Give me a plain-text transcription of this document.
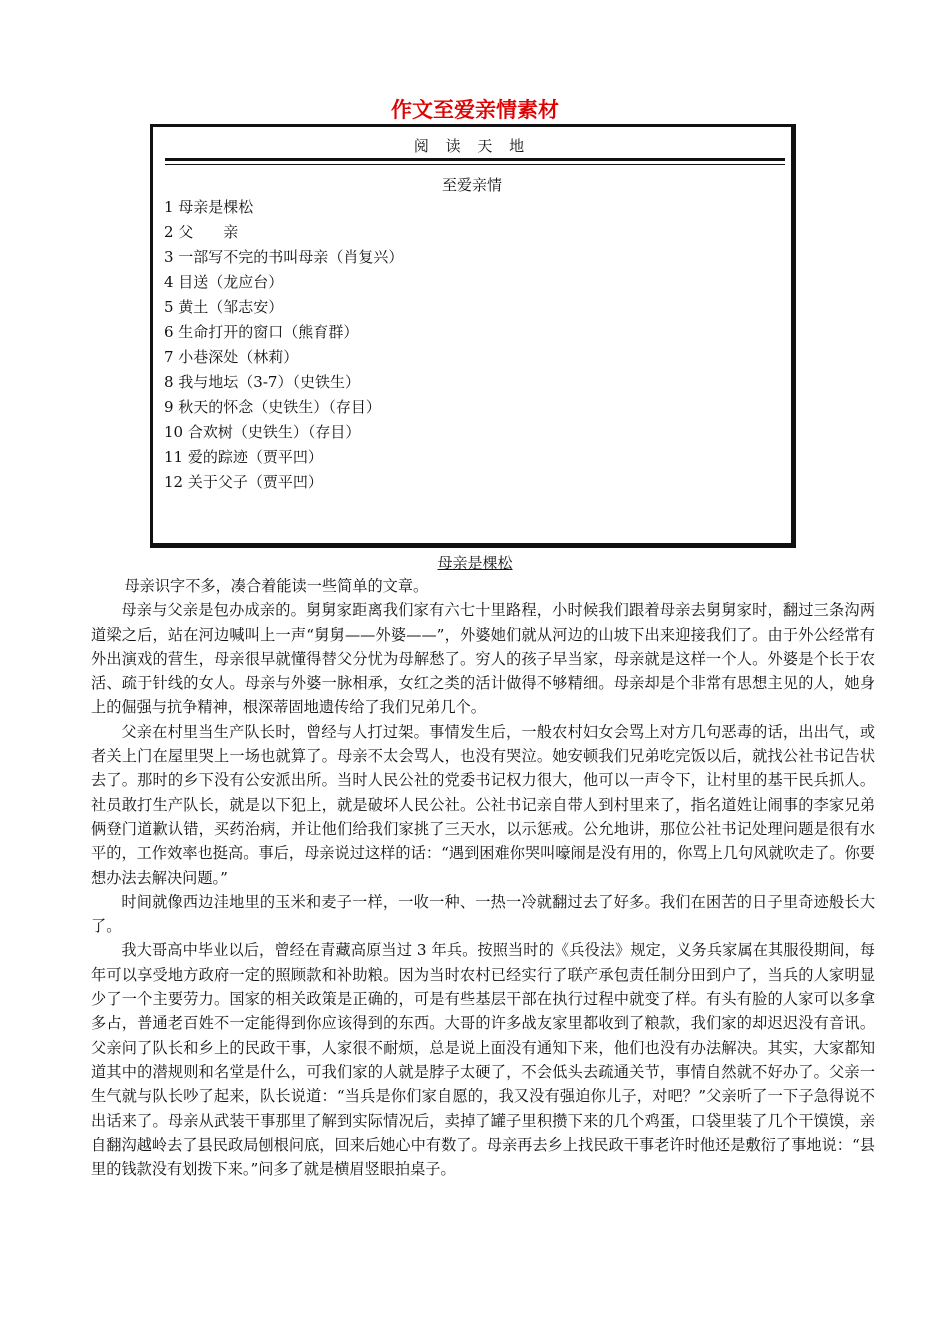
作文至爱亲情素材
阅 读 天 地
至爱亲情
1 母亲是棵松
2 父　　亲
3 一部写不完的书叫母亲（肖复兴）
4 目送（龙应台）
5 黄土（邹志安）
6 生命打开的窗口（熊育群）
7 小巷深处（林莉）
8 我与地坛（3-7）（史铁生）
9 秋天的怀念（史铁生）（存目）
10 合欢树（史铁生）（存目）
11 爱的踪迹（贾平凹）
12 关于父子（贾平凹）
母亲是棵松

母亲识字不多，凑合着能读一些简单的文章。

母亲与父亲是包办成亲的。舅舅家距离我们家有六七十里路程，小时候我们跟着母亲去舅舅家时，翻过三条沟两道梁之后，站在河边喊叫上一声“舅舅——外婆——”，外婆她们就从河边的山坡下出来迎接我们了。由于外公经常有外出演戏的营生，母亲很早就懂得替父分忧为母解愁了。穷人的孩子早当家，母亲就是这样一个人。外婆是个长于农活、疏于针线的女人。母亲与外婆一脉相承，女红之类的活计做得不够精细。母亲却是个非常有思想主见的人，她身上的倔强与抗争精神，根深蒂固地遗传给了我们兄弟几个。

父亲在村里当生产队长时，曾经与人打过架。事情发生后，一般农村妇女会骂上对方几句恶毒的话，出出气，或者关上门在屋里哭上一场也就算了。母亲不太会骂人，也没有哭泣。她安顿我们兄弟吃完饭以后，就找公社书记告状去了。那时的乡下没有公安派出所。当时人民公社的党委书记权力很大，他可以一声令下，让村里的基干民兵抓人。社员敢打生产队长，就是以下犯上，就是破坏人民公社。公社书记亲自带人到村里来了，指名道姓让闹事的李家兄弟俩登门道歉认错，买药治病，并让他们给我们家挑了三天水，以示惩戒。公允地讲，那位公社书记处理问题是很有水平的，工作效率也挺高。事后，母亲说过这样的话：“遇到困难你哭叫嚎闹是没有用的，你骂上几句风就吹走了。你要想办法去解决问题。”

时间就像西边洼地里的玉米和麦子一样，一收一种、一热一冷就翻过去了好多。我们在困苦的日子里奇迹般长大了。

我大哥高中毕业以后，曾经在青藏高原当过 3 年兵。按照当时的《兵役法》规定，义务兵家属在其服役期间，每年可以享受地方政府一定的照顾款和补助粮。因为当时农村已经实行了联产承包责任制分田到户了，当兵的人家明显少了一个主要劳力。国家的相关政策是正确的，可是有些基层干部在执行过程中就变了样。有头有脸的人家可以多拿多占，普通老百姓不一定能得到你应该得到的东西。大哥的许多战友家里都收到了粮款，我们家的却迟迟没有音讯。父亲问了队长和乡上的民政干事，人家很不耐烦，总是说上面没有通知下来，他们也没有办法解决。其实，大家都知道其中的潜规则和名堂是什么，可我们家的人就是脖子太硬了，不会低头去疏通关节，事情自然就不好办了。父亲一生气就与队长吵了起来，队长说道：“当兵是你们家自愿的，我又没有强迫你儿子，对吧？”父亲听了一下子急得说不出话来了。母亲从武装干事那里了解到实际情况后，卖掉了罐子里积攒下来的几个鸡蛋，口袋里装了几个干馍馍，亲自翻沟越岭去了县民政局刨根问底，回来后她心中有数了。母亲再去乡上找民政干事老许时他还是敷衍了事地说：“县里的钱款没有划拨下来。”问多了就是横眉竖眼拍桌子。
